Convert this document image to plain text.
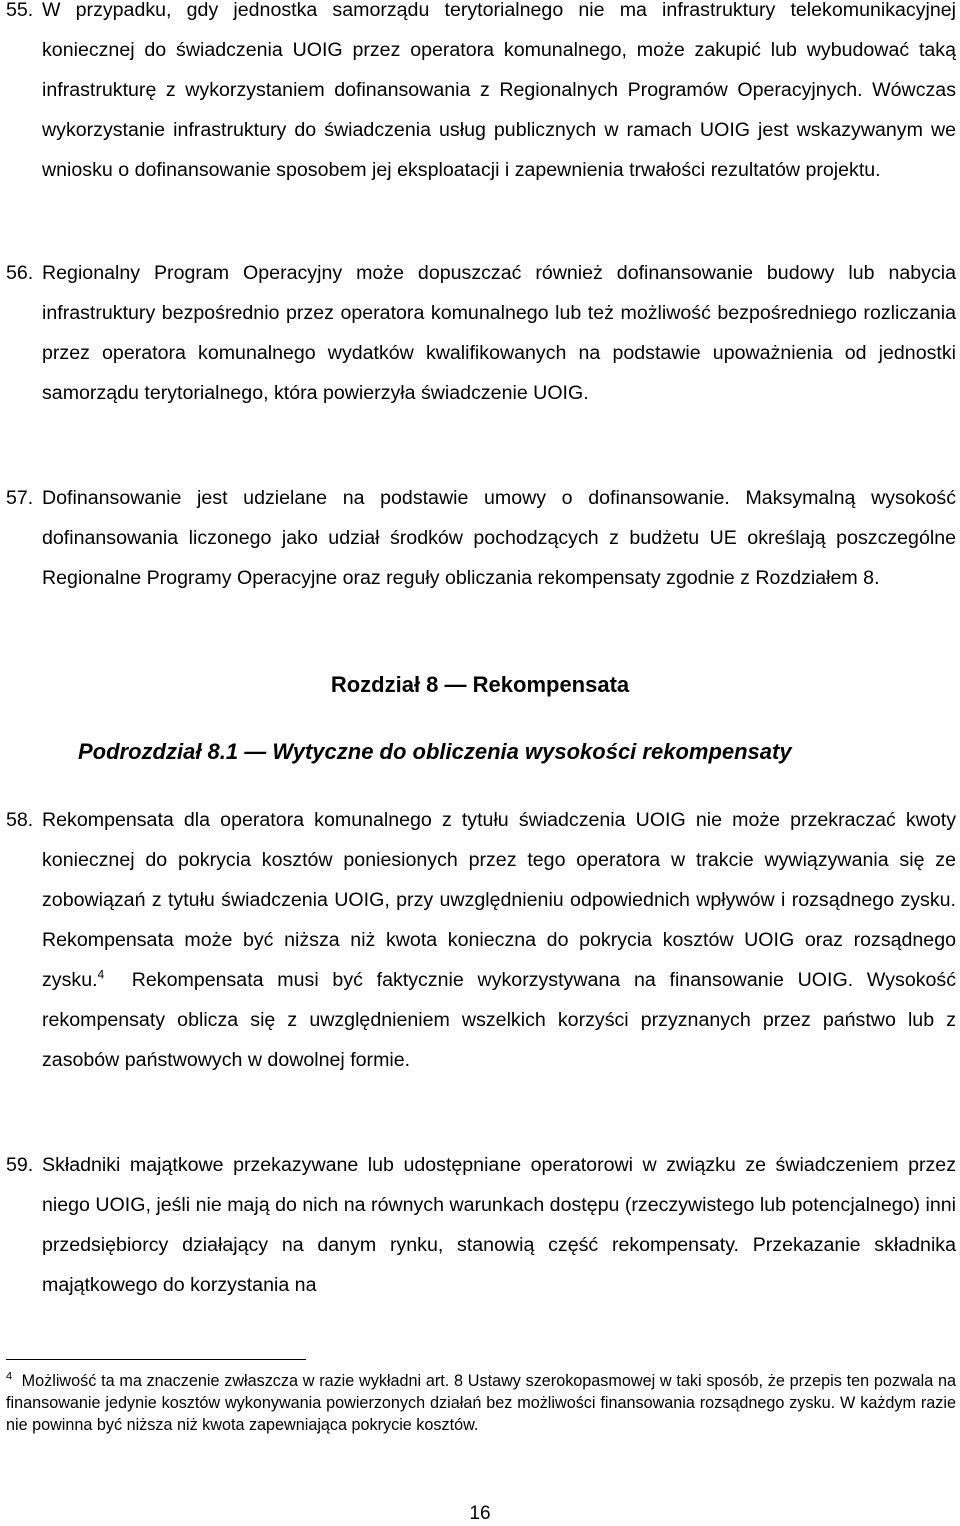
55. W przypadku, gdy jednostka samorządu terytorialnego nie ma infrastruktury telekomunikacyjnej koniecznej do świadczenia UOIG przez operatora komunalnego, może zakupić lub wybudować taką infrastrukturę z wykorzystaniem dofinansowania z Regionalnych Programów Operacyjnych. Wówczas wykorzystanie infrastruktury do świadczenia usług publicznych w ramach UOIG jest wskazywanym we wniosku o dofinansowanie sposobem jej eksploatacji i zapewnienia trwałości rezultatów projektu.
56. Regionalny Program Operacyjny może dopuszczać również dofinansowanie budowy lub nabycia infrastruktury bezpośrednio przez operatora komunalnego lub też możliwość bezpośredniego rozliczania przez operatora komunalnego wydatków kwalifikowanych na podstawie upoważnienia od jednostki samorządu terytorialnego, która powierzyła świadczenie UOIG.
57. Dofinansowanie jest udzielane na podstawie umowy o dofinansowanie. Maksymalną wysokość dofinansowania liczonego jako udział środków pochodzących z budżetu UE określają poszczególne Regionalne Programy Operacyjne oraz reguły obliczania rekompensaty zgodnie z Rozdziałem 8.
Rozdział 8 — Rekompensata
Podrozdział 8.1 — Wytyczne do obliczenia wysokości rekompensaty
58. Rekompensata dla operatora komunalnego z tytułu świadczenia UOIG nie może przekraczać kwoty koniecznej do pokrycia kosztów poniesionych przez tego operatora w trakcie wywiązywania się ze zobowiązań z tytułu świadczenia UOIG, przy uwzględnieniu odpowiednich wpływów i rozsądnego zysku. Rekompensata może być niższa niż kwota konieczna do pokrycia kosztów UOIG oraz rozsądnego zysku.$^4$ Rekompensata musi być faktycznie wykorzystywana na finansowanie UOIG. Wysokość rekompensaty oblicza się z uwzględnieniem wszelkich korzyści przyznanych przez państwo lub z zasobów państwowych w dowolnej formie.
59. Składniki majątkowe przekazywane lub udostępniane operatorowi w związku ze świadczeniem przez niego UOIG, jeśli nie mają do nich na równych warunkach dostępu (rzeczywistego lub potencjalnego) inni przedsiębiorcy działający na danym rynku, stanowią część rekompensaty. Przekazanie składnika majątkowego do korzystania na
$^4$ Możliwość ta ma znaczenie zwłaszcza w razie wykładni art. 8 Ustawy szerokopasmowej w taki sposób, że przepis ten pozwala na finansowanie jedynie kosztów wykonywania powierzonych działań bez możliwości finansowania rozsądnego zysku. W każdym razie nie powinna być niższa niż kwota zapewniająca pokrycie kosztów.
16
